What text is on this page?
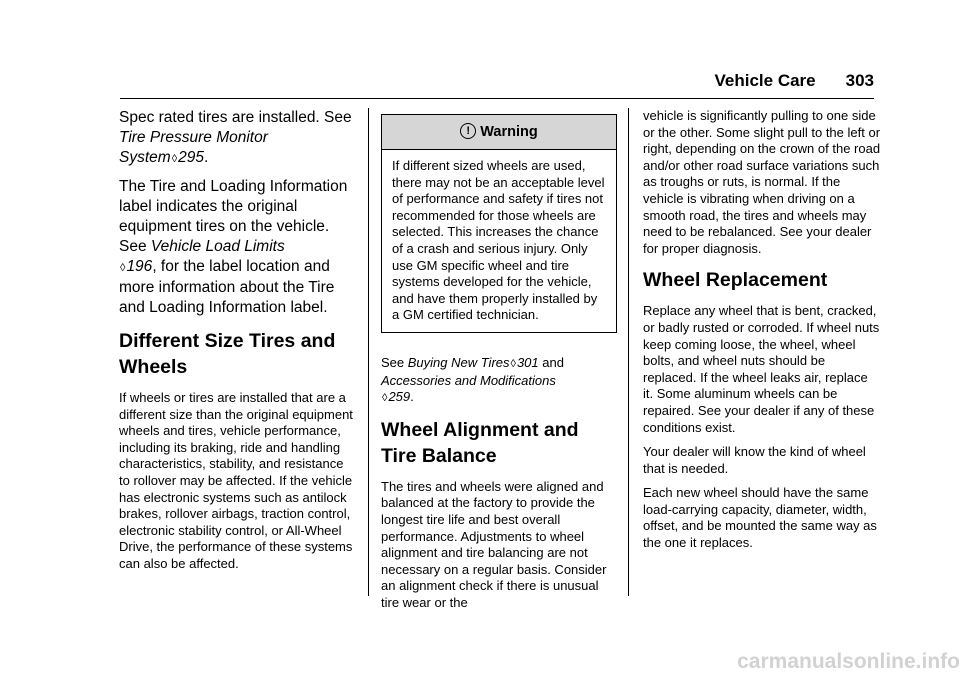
Vehicle Care 303

Spec rated tires are installed. See Tire Pressure Monitor System◊295.

The Tire and Loading Information label indicates the original equipment tires on the vehicle. See Vehicle Load Limits
◊196, for the label location and more information about the Tire and Loading Information label.

Different Size Tires and Wheels

If wheels or tires are installed that are a different size than the original equipment wheels and tires, vehicle performance, including its braking, ride and handling characteristics, stability, and resistance to rollover may be affected. If the vehicle has electronic systems such as antilock brakes, rollover airbags, traction control, electronic stability control, or All-Wheel Drive, the performance of these systems can also be affected.

! Warning
If different sized wheels are used, there may not be an acceptable level of performance and safety if tires not recommended for those wheels are selected. This increases the chance of a crash and serious injury. Only use GM specific wheel and tire systems developed for the vehicle, and have them properly installed by a GM certified technician.

See Buying New Tires◊301 and Accessories and Modifications
◊259.

Wheel Alignment and Tire Balance

The tires and wheels were aligned and balanced at the factory to provide the longest tire life and best overall performance. Adjustments to wheel alignment and tire balancing are not necessary on a regular basis. Consider an alignment check if there is unusual tire wear or the

vehicle is significantly pulling to one side or the other. Some slight pull to the left or right, depending on the crown of the road and/or other road surface variations such as troughs or ruts, is normal. If the vehicle is vibrating when driving on a smooth road, the tires and wheels may need to be rebalanced. See your dealer for proper diagnosis.

Wheel Replacement

Replace any wheel that is bent, cracked, or badly rusted or corroded. If wheel nuts keep coming loose, the wheel, wheel bolts, and wheel nuts should be replaced. If the wheel leaks air, replace it. Some aluminum wheels can be repaired. See your dealer if any of these conditions exist.

Your dealer will know the kind of wheel that is needed.

Each new wheel should have the same load-carrying capacity, diameter, width, offset, and be mounted the same way as the one it replaces.

carmanualsonline.info
